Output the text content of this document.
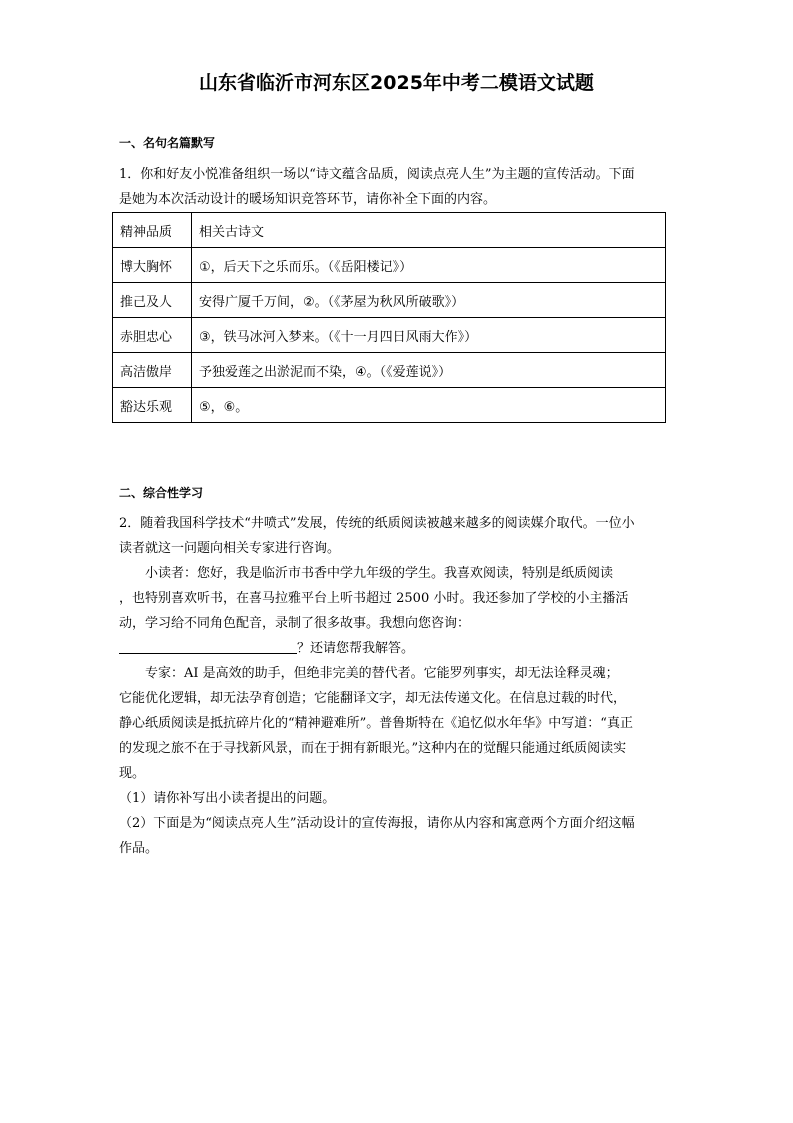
山东省临沂市河东区2025年中考二模语文试题
一、名句名篇默写
1．你和好友小悦准备组织一场以“诗文蕴含品质，阅读点亮人生”为主题的宣传活动。下面
是她为本次活动设计的暖场知识竞答环节，请你补全下面的内容。
精神品质	相关古诗文
博大胸怀	①，后天下之乐而乐。（《岳阳楼记》）
推己及人	安得广厦千万间，②。（《茅屋为秋风所破歌》）
赤胆忠心	③，铁马冰河入梦来。（《十一月四日风雨大作》）
高洁傲岸	予独爱莲之出淤泥而不染，④。（《爱莲说》）
豁达乐观	⑤，⑥。
二、综合性学习
2．随着我国科学技术“井喷式”发展，传统的纸质阅读被越来越多的阅读媒介取代。一位小
读者就这一问题向相关专家进行咨询。
小读者：您好，我是临沂市书香中学九年级的学生。我喜欢阅读，特别是纸质阅读
，也特别喜欢听书，在喜马拉雅平台上听书超过 2500 小时。我还参加了学校的小主播活
动，学习给不同角色配音，录制了很多故事。我想向您咨询：
？还请您帮我解答。
专家：AI 是高效的助手，但绝非完美的替代者。它能罗列事实，却无法诠释灵魂；
它能优化逻辑，却无法孕育创造；它能翻译文字，却无法传递文化。在信息过载的时代，
静心纸质阅读是抵抗碎片化的“精神避难所”。普鲁斯特在《追忆似水年华》中写道：“真正
的发现之旅不在于寻找新风景，而在于拥有新眼光。”这种内在的觉醒只能通过纸质阅读实
现。
（1）请你补写出小读者提出的问题。
（2）下面是为“阅读点亮人生”活动设计的宣传海报，请你从内容和寓意两个方面介绍这幅
作品。
